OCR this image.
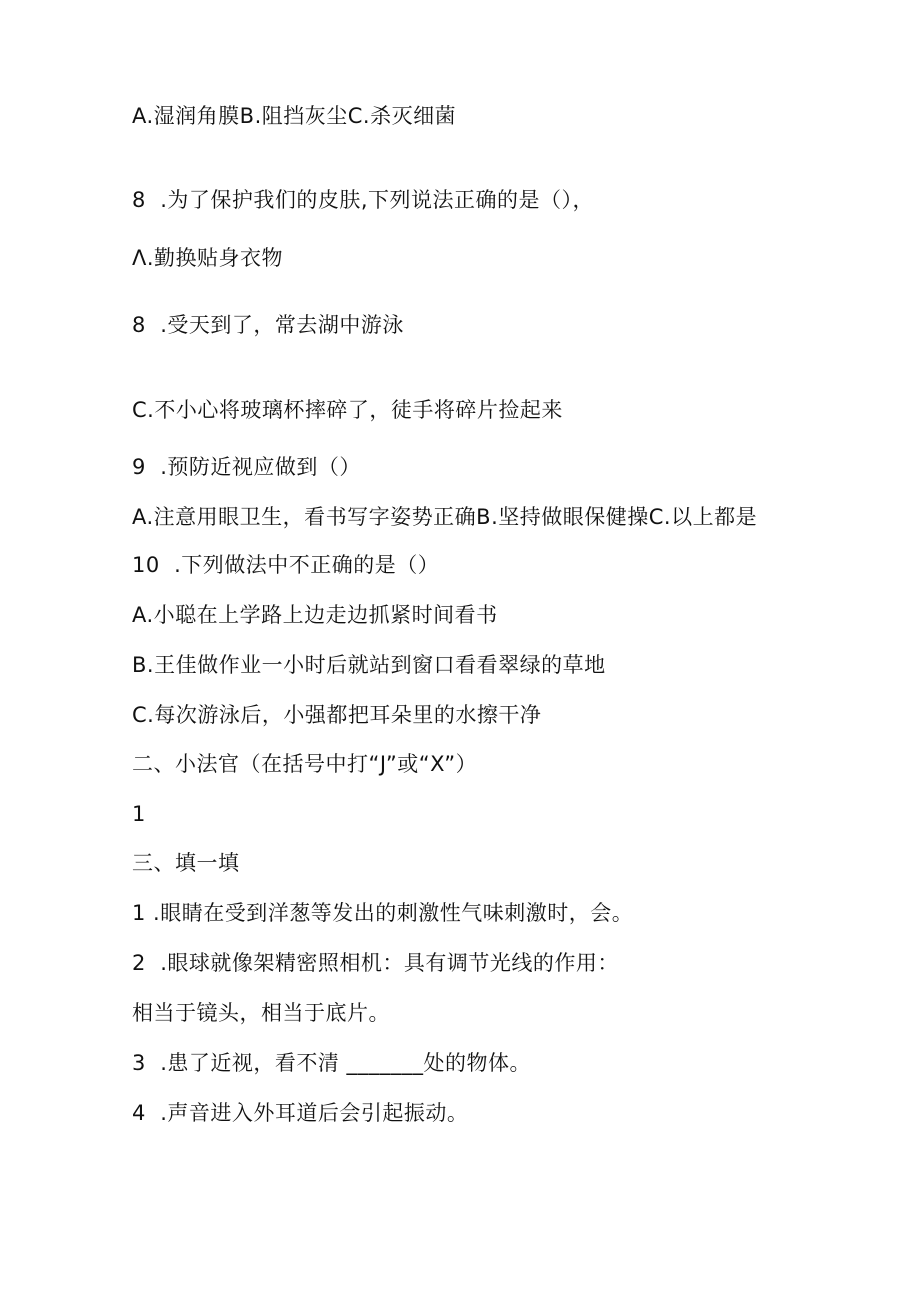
A.湿润角膜B.阻挡灰尘C.杀灭细菌
8  .为了保护我们的皮肤,下列说法正确的是（），
Λ.勤换贴身衣物
8  .受天到了，常去湖中游泳
C.不小心将玻璃杯摔碎了，徒手将碎片捡起来
9  .预防近视应做到（）
A.注意用眼卫生，看书写字姿势正确B.坚持做眼保健操C.以上都是
10  .下列做法中不正确的是（）
A.小聪在上学路上边走边抓紧时间看书
B.王佳做作业一小时后就站到窗口看看翠绿的草地
C.每次游泳后，小强都把耳朵里的水擦干净
二、小法官（在括号中打“J”或“X”）
1
三、填一填
1 .眼睛在受到洋葱等发出的刺激性气味刺激时，会。
2  .眼球就像架精密照相机：具有调节光线的作用：
相当于镜头，相当于底片。
3  .患了近视，看不清 _______处的物体。
4  .声音进入外耳道后会引起振动。
